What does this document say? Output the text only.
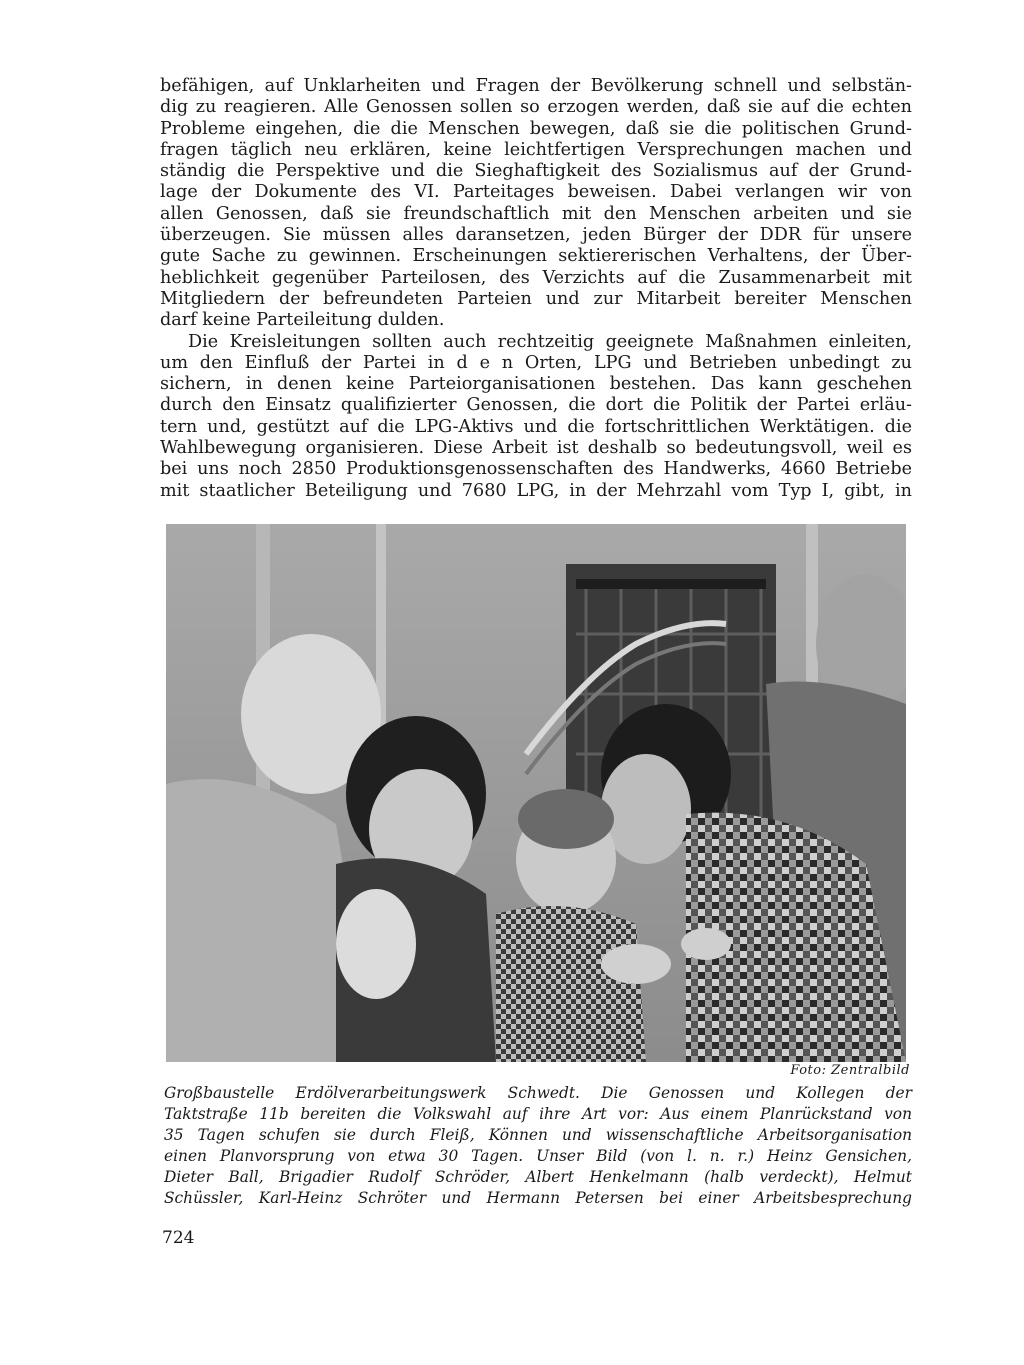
befähigen, auf Unklarheiten und Fragen der Bevölkerung schnell und selbstän-
dig zu reagieren. Alle Genossen sollen so erzogen werden, daß sie auf die echten
Probleme eingehen, die die Menschen bewegen, daß sie die politischen Grund-
fragen täglich neu erklären, keine leichtfertigen Versprechungen machen und
ständig die Perspektive und die Sieghaftigkeit des Sozialismus auf der Grund-
lage der Dokumente des VI. Parteitages beweisen. Dabei verlangen wir von
allen Genossen, daß sie freundschaftlich mit den Menschen arbeiten und sie
überzeugen. Sie müssen alles daransetzen, jeden Bürger der DDR für unsere
gute Sache zu gewinnen. Erscheinungen sektiererischen Verhaltens, der Über-
heblichkeit gegenüber Parteilosen, des Verzichts auf die Zusammenarbeit mit
Mitgliedern der befreundeten Parteien und zur Mitarbeit bereiter Menschen
darf keine Parteileitung dulden.

Die Kreisleitungen sollten auch rechtzeitig geeignete Maßnahmen einleiten,
um den Einfluß der Partei in d e n Orten, LPG und Betrieben unbedingt zu
sichern, in denen keine Parteiorganisationen bestehen. Das kann geschehen
durch den Einsatz qualifizierter Genossen, die dort die Politik der Partei erläu-
tern und, gestützt auf die LPG-Aktivs und die fortschrittlichen Werktätigen. die
Wahlbewegung organisieren. Diese Arbeit ist deshalb so bedeutungsvoll, weil es
bei uns noch 2850 Produktionsgenossenschaften des Handwerks, 4660 Betriebe
mit staatlicher Beteiligung und 7680 LPG, in der Mehrzahl vom Typ I, gibt, in

Foto: Zentralbild
Großbaustelle Erdölverarbeitungswerk Schwedt. Die Genossen und Kollegen der
Taktstraße 11b bereiten die Volkswahl auf ihre Art vor: Aus einem Planrückstand von
35 Tagen schufen sie durch Fleiß, Können und wissenschaftliche Arbeitsorganisation
einen Planvorsprung von etwa 30 Tagen. Unser Bild (von l. n. r.) Heinz Gensichen,
Dieter Ball, Brigadier Rudolf Schröder, Albert Henkelmann (halb verdeckt), Helmut
Schüssler, Karl-Heinz Schröter und Hermann Petersen bei einer Arbeitsbesprechung
724
